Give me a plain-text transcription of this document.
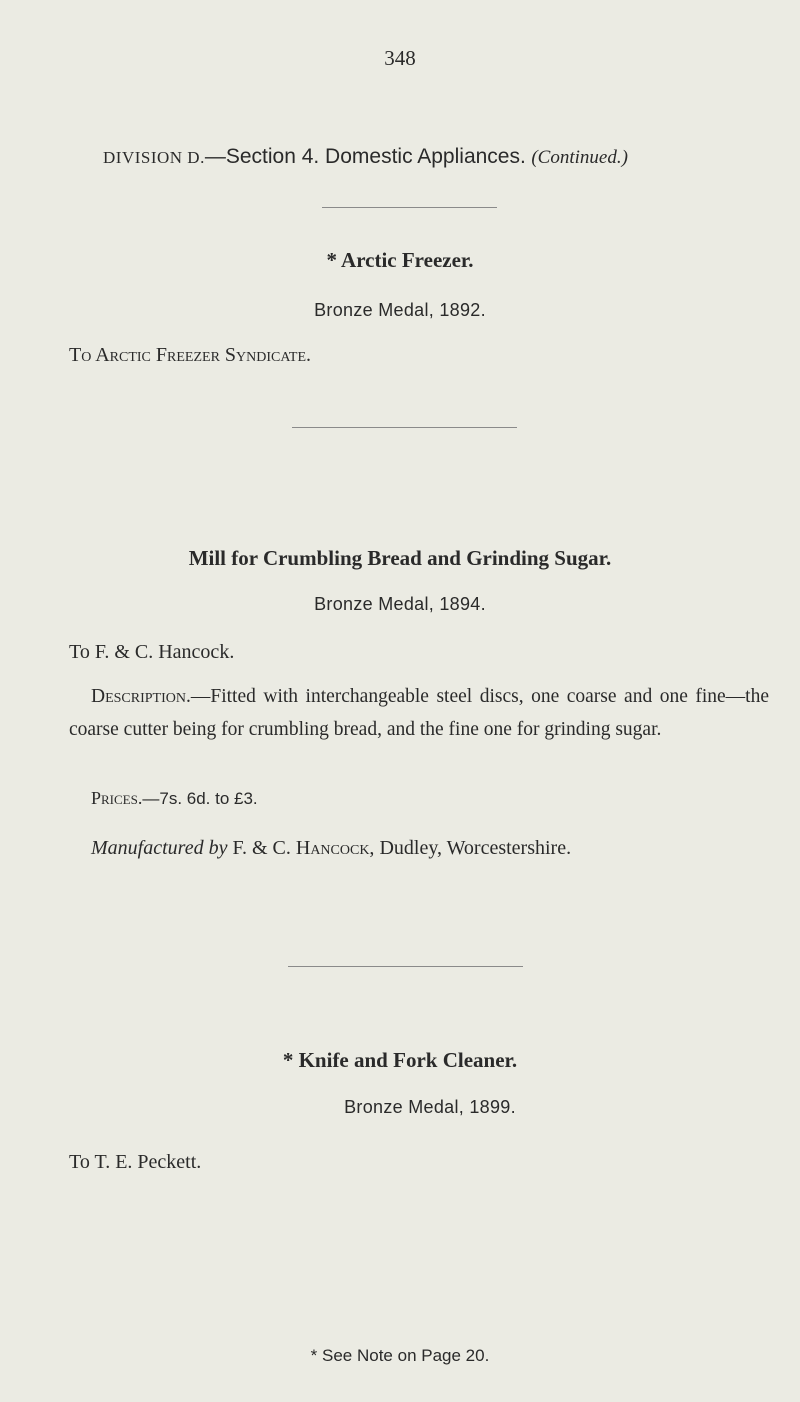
348
DIVISION D.—Section 4. Domestic Appliances. (Continued.)
* Arctic Freezer.
Bronze Medal, 1892.
To Arctic Freezer Syndicate.
Mill for Crumbling Bread and Grinding Sugar.
Bronze Medal, 1894.
To F. & C. Hancock.
Description.—Fitted with interchangeable steel discs, one coarse and one fine—the coarse cutter being for crumbling bread, and the fine one for grinding sugar.
Prices.—7s. 6d. to £3.
Manufactured by F. & C. Hancock, Dudley, Worcestershire.
* Knife and Fork Cleaner.
Bronze Medal, 1899.
To T. E. Peckett.
* See Note on Page 20.
